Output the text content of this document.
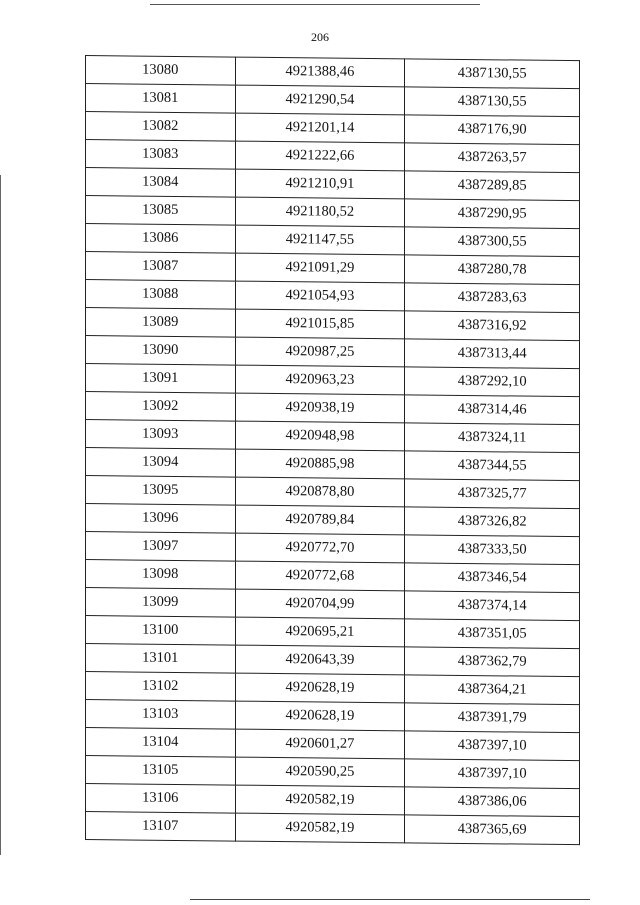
206
13080	4921388,46	4387130,55
13081	4921290,54	4387130,55
13082	4921201,14	4387176,90
13083	4921222,66	4387263,57
13084	4921210,91	4387289,85
13085	4921180,52	4387290,95
13086	4921147,55	4387300,55
13087	4921091,29	4387280,78
13088	4921054,93	4387283,63
13089	4921015,85	4387316,92
13090	4920987,25	4387313,44
13091	4920963,23	4387292,10
13092	4920938,19	4387314,46
13093	4920948,98	4387324,11
13094	4920885,98	4387344,55
13095	4920878,80	4387325,77
13096	4920789,84	4387326,82
13097	4920772,70	4387333,50
13098	4920772,68	4387346,54
13099	4920704,99	4387374,14
13100	4920695,21	4387351,05
13101	4920643,39	4387362,79
13102	4920628,19	4387364,21
13103	4920628,19	4387391,79
13104	4920601,27	4387397,10
13105	4920590,25	4387397,10
13106	4920582,19	4387386,06
13107	4920582,19	4387365,69
